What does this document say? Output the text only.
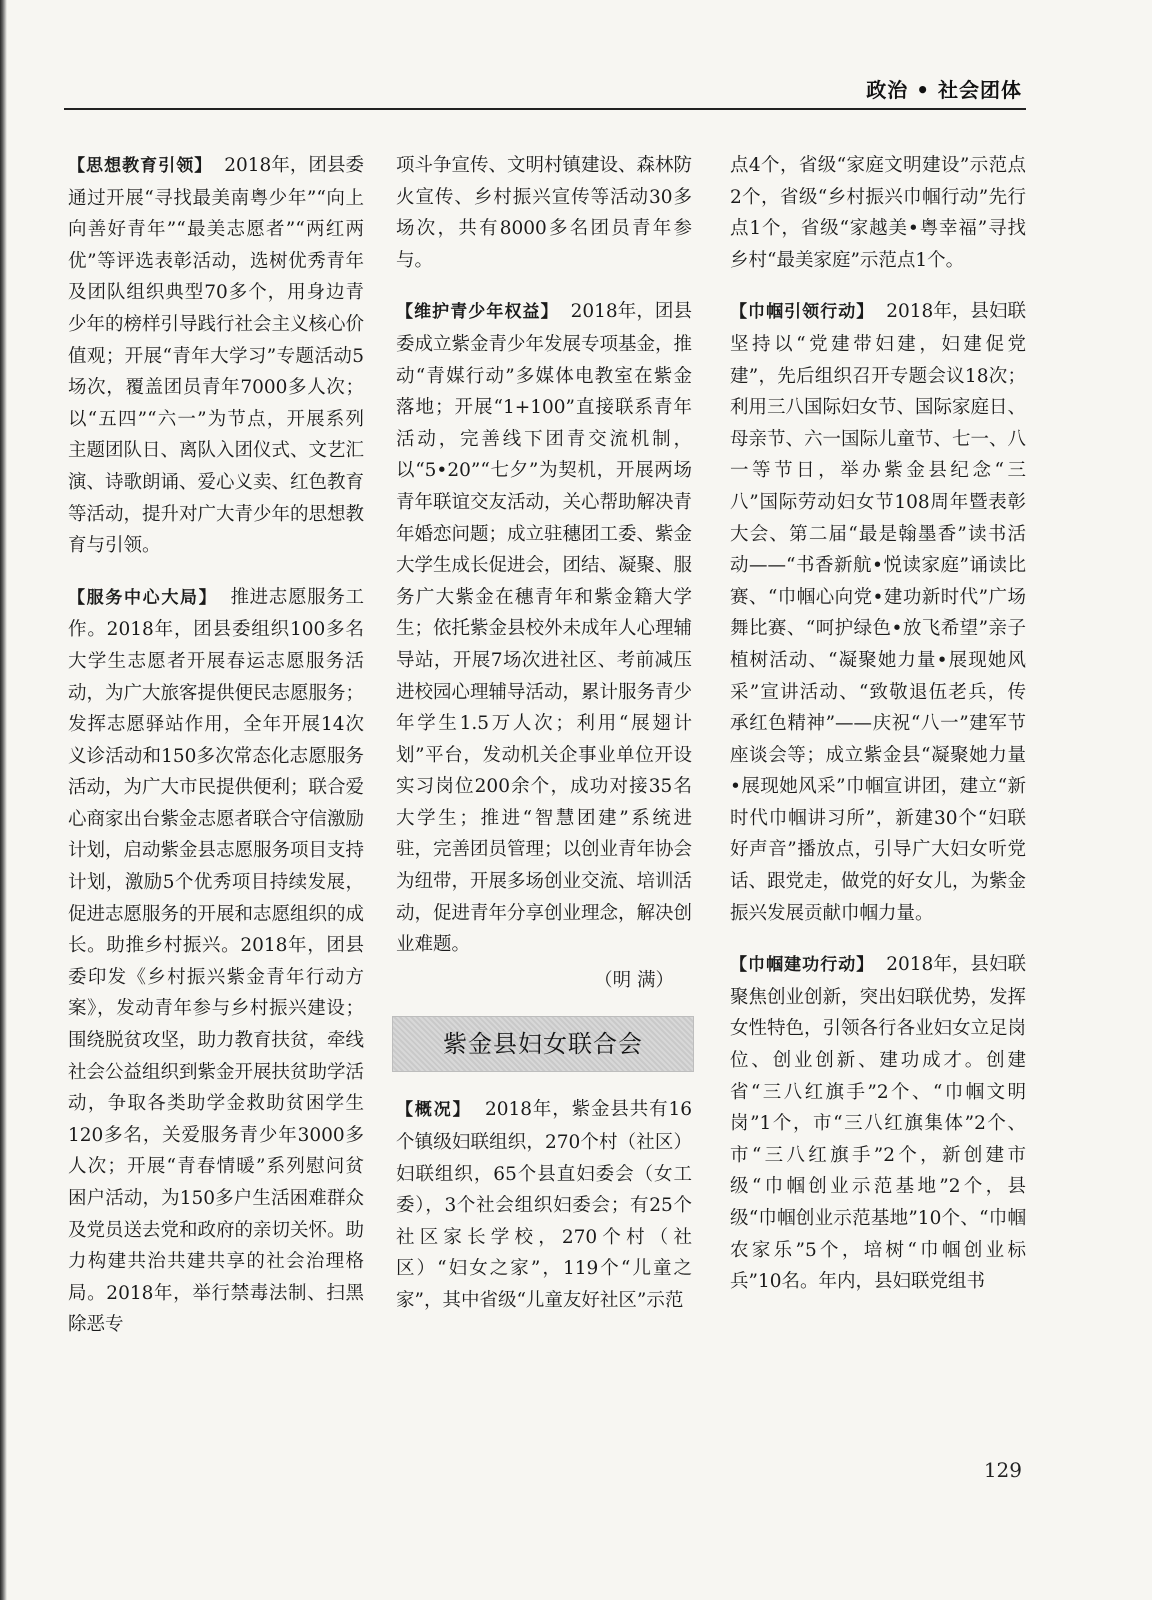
政治 • 社会团体

【思想教育引领】 2018年，团县委通过开展“寻找最美南粤少年”“向上向善好青年”“最美志愿者”“两红两优”等评选表彰活动，选树优秀青年及团队组织典型70多个，用身边青少年的榜样引导践行社会主义核心价值观；开展“青年大学习”专题活动5场次，覆盖团员青年7000多人次；以“五四”“六一”为节点，开展系列主题团队日、离队入团仪式、文艺汇演、诗歌朗诵、爱心义卖、红色教育等活动，提升对广大青少年的思想教育与引领。

【服务中心大局】 推进志愿服务工作。2018年，团县委组织100多名大学生志愿者开展春运志愿服务活动，为广大旅客提供便民志愿服务；发挥志愿驿站作用，全年开展14次义诊活动和150多次常态化志愿服务活动，为广大市民提供便利；联合爱心商家出台紫金志愿者联合守信激励计划，启动紫金县志愿服务项目支持计划，激励5个优秀项目持续发展，促进志愿服务的开展和志愿组织的成长。助推乡村振兴。2018年，团县委印发《乡村振兴紫金青年行动方案》，发动青年参与乡村振兴建设；围绕脱贫攻坚，助力教育扶贫，牵线社会公益组织到紫金开展扶贫助学活动，争取各类助学金救助贫困学生120多名，关爱服务青少年3000多人次；开展“青春情暖”系列慰问贫困户活动，为150多户生活困难群众及党员送去党和政府的亲切关怀。助力构建共治共建共享的社会治理格局。2018年，举行禁毒法制、扫黑除恶专

项斗争宣传、文明村镇建设、森林防火宣传、乡村振兴宣传等活动30多场次，共有8000多名团员青年参与。

【维护青少年权益】 2018年，团县委成立紫金青少年发展专项基金，推动“青媒行动”多媒体电教室在紫金落地；开展“1+100”直接联系青年活动，完善线下团青交流机制，以“5•20”“七夕”为契机，开展两场青年联谊交友活动，关心帮助解决青年婚恋问题；成立驻穗团工委、紫金大学生成长促进会，团结、凝聚、服务广大紫金在穗青年和紫金籍大学生；依托紫金县校外未成年人心理辅导站，开展7场次进社区、考前减压进校园心理辅导活动，累计服务青少年学生1.5万人次；利用“展翅计划”平台，发动机关企事业单位开设实习岗位200余个，成功对接35名大学生；推进“智慧团建”系统进驻，完善团员管理；以创业青年协会为纽带，开展多场创业交流、培训活动，促进青年分享创业理念，解决创业难题。

（明 满）

紫金县妇女联合会

【概况】 2018年，紫金县共有16个镇级妇联组织，270个村（社区）妇联组织，65个县直妇委会（女工委），3个社会组织妇委会；有25个社区家长学校，270个村（社区）“妇女之家”，119个“儿童之家”，其中省级“儿童友好社区”示范

点4个，省级“家庭文明建设”示范点2个，省级“乡村振兴巾帼行动”先行点1个，省级“家越美•粤幸福”寻找乡村“最美家庭”示范点1个。

【巾帼引领行动】 2018年，县妇联坚持以“党建带妇建，妇建促党建”，先后组织召开专题会议18次；利用三八国际妇女节、国际家庭日、母亲节、六一国际儿童节、七一、八一等节日，举办紫金县纪念“三八”国际劳动妇女节108周年暨表彰大会、第二届“最是翰墨香”读书活动——“书香新航•悦读家庭”诵读比赛、“巾帼心向党•建功新时代”广场舞比赛、“呵护绿色•放飞希望”亲子植树活动、“凝聚她力量•展现她风采”宣讲活动、“致敬退伍老兵，传承红色精神”——庆祝“八一”建军节座谈会等；成立紫金县“凝聚她力量•展现她风采”巾帼宣讲团，建立“新时代巾帼讲习所”，新建30个“妇联好声音”播放点，引导广大妇女听党话、跟党走，做党的好女儿，为紫金振兴发展贡献巾帼力量。

【巾帼建功行动】 2018年，县妇联聚焦创业创新，突出妇联优势，发挥女性特色，引领各行各业妇女立足岗位、创业创新、建功成才。创建省“三八红旗手”2个、“巾帼文明岗”1个，市“三八红旗集体”2个、市“三八红旗手”2个，新创建市级“巾帼创业示范基地”2个，县级“巾帼创业示范基地”10个、“巾帼农家乐”5个，培树“巾帼创业标兵”10名。年内，县妇联党组书

129
